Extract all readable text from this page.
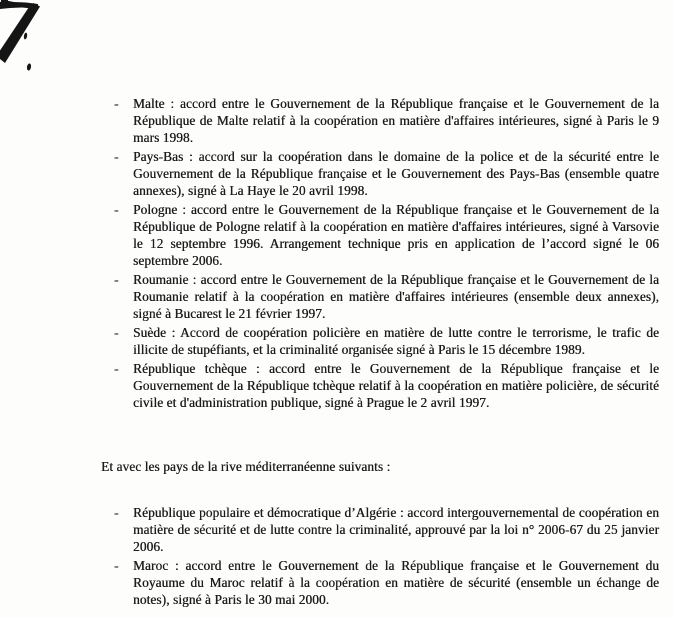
- Malte : accord entre le Gouvernement de la République française et le Gouvernement de la République de Malte relatif à la coopération en matière d'affaires intérieures, signé à Paris le 9 mars 1998.
- Pays-Bas : accord sur la coopération dans le domaine de la police et de la sécurité entre le Gouvernement de la République française et le Gouvernement des Pays-Bas (ensemble quatre annexes), signé à La Haye le 20 avril 1998.
- Pologne : accord entre le Gouvernement de la République française et le Gouvernement de la République de Pologne relatif à la coopération en matière d'affaires intérieures, signé à Varsovie le 12 septembre 1996. Arrangement technique pris en application de l’accord signé le 06 septembre 2006.
- Roumanie : accord entre le Gouvernement de la République française et le Gouvernement de la Roumanie relatif à la coopération en matière d'affaires intérieures (ensemble deux annexes), signé à Bucarest le 21 février 1997.
- Suède : Accord de coopération policière en matière de lutte contre le terrorisme, le trafic de illicite de stupéfiants, et la criminalité organisée signé à Paris le 15 décembre 1989.
- République tchèque : accord entre le Gouvernement de la République française et le Gouvernement de la République tchèque relatif à la coopération en matière policière, de sécurité civile et d'administration publique, signé à Prague le 2 avril 1997.
Et avec les pays de la rive méditerranéenne suivants :
- République populaire et démocratique d’Algérie : accord intergouvernemental de coopération en matière de sécurité et de lutte contre la criminalité, approuvé par la loi n° 2006-67 du 25 janvier 2006.
- Maroc : accord entre le Gouvernement de la République française et le Gouvernement du Royaume du Maroc relatif à la coopération en matière de sécurité (ensemble un échange de notes), signé à Paris le 30 mai 2000.
